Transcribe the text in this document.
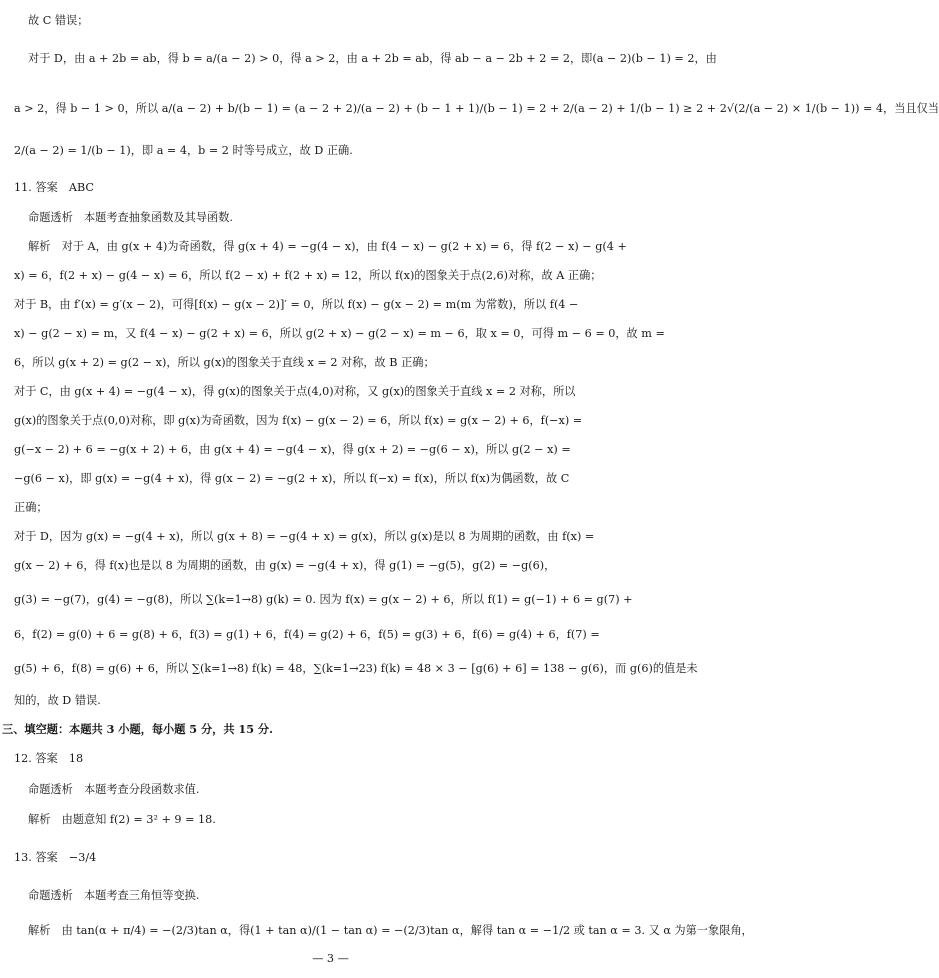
故 C 错误；
对于 D，由 a + 2b = ab，得 b = a/(a − 2) > 0，得 a > 2，由 a + 2b = ab，得 ab − a − 2b + 2 = 2，即(a − 2)(b − 1) = 2，由
a > 2，得 b − 1 > 0，所以 a/(a − 2) + b/(b − 1) = (a − 2 + 2)/(a − 2) + (b − 1 + 1)/(b − 1) = 2 + 2/(a − 2) + 1/(b − 1) ≥ 2 + 2√(2/(a − 2) × 1/(b − 1)) = 4，当且仅当
2/(a − 2) = 1/(b − 1)，即 a = 4，b = 2 时等号成立，故 D 正确.
11. 答案　ABC
命题透析　本题考查抽象函数及其导函数.
解析　对于 A，由 g(x + 4)为奇函数，得 g(x + 4) = −g(4 − x)，由 f(4 − x) − g(2 + x) = 6，得 f(2 − x) − g(4 +
x) = 6，f(2 + x) − g(4 − x) = 6，所以 f(2 − x) + f(2 + x) = 12，所以 f(x)的图象关于点(2,6)对称，故 A 正确；
对于 B，由 f′(x) = g′(x − 2)，可得[f(x) − g(x − 2)]′ = 0，所以 f(x) − g(x − 2) = m(m 为常数)，所以 f(4 −
x) − g(2 − x) = m，又 f(4 − x) − g(2 + x) = 6，所以 g(2 + x) − g(2 − x) = m − 6，取 x = 0，可得 m − 6 = 0，故 m =
6，所以 g(x + 2) = g(2 − x)，所以 g(x)的图象关于直线 x = 2 对称，故 B 正确；
对于 C，由 g(x + 4) = −g(4 − x)，得 g(x)的图象关于点(4,0)对称，又 g(x)的图象关于直线 x = 2 对称，所以
g(x)的图象关于点(0,0)对称，即 g(x)为奇函数，因为 f(x) − g(x − 2) = 6，所以 f(x) = g(x − 2) + 6，f(−x) =
g(−x − 2) + 6 = −g(x + 2) + 6，由 g(x + 4) = −g(4 − x)，得 g(x + 2) = −g(6 − x)，所以 g(2 − x) =
−g(6 − x)，即 g(x) = −g(4 + x)，得 g(x − 2) = −g(2 + x)，所以 f(−x) = f(x)，所以 f(x)为偶函数，故 C
正确；
对于 D，因为 g(x) = −g(4 + x)，所以 g(x + 8) = −g(4 + x) = g(x)，所以 g(x)是以 8 为周期的函数，由 f(x) =
g(x − 2) + 6，得 f(x)也是以 8 为周期的函数，由 g(x) = −g(4 + x)，得 g(1) = −g(5)，g(2) = −g(6)，
g(3) = −g(7)，g(4) = −g(8)，所以 ∑(k=1→8) g(k) = 0. 因为 f(x) = g(x − 2) + 6，所以 f(1) = g(−1) + 6 = g(7) +
6，f(2) = g(0) + 6 = g(8) + 6，f(3) = g(1) + 6，f(4) = g(2) + 6，f(5) = g(3) + 6，f(6) = g(4) + 6，f(7) =
g(5) + 6，f(8) = g(6) + 6，所以 ∑(k=1→8) f(k) = 48，∑(k=1→23) f(k) = 48 × 3 − [g(6) + 6] = 138 − g(6)，而 g(6)的值是未
知的，故 D 错误.
三、填空题：本题共 3 小题，每小题 5 分，共 15 分.
12. 答案　18
命题透析　本题考查分段函数求值.
解析　由题意知 f(2) = 3² + 9 = 18.
13. 答案　−3/4
命题透析　本题考查三角恒等变换.
解析　由 tan(α + π/4) = −(2/3)tan α，得(1 + tan α)/(1 − tan α) = −(2/3)tan α，解得 tan α = −1/2 或 tan α = 3. 又 α 为第一象限角，
— 3 —
